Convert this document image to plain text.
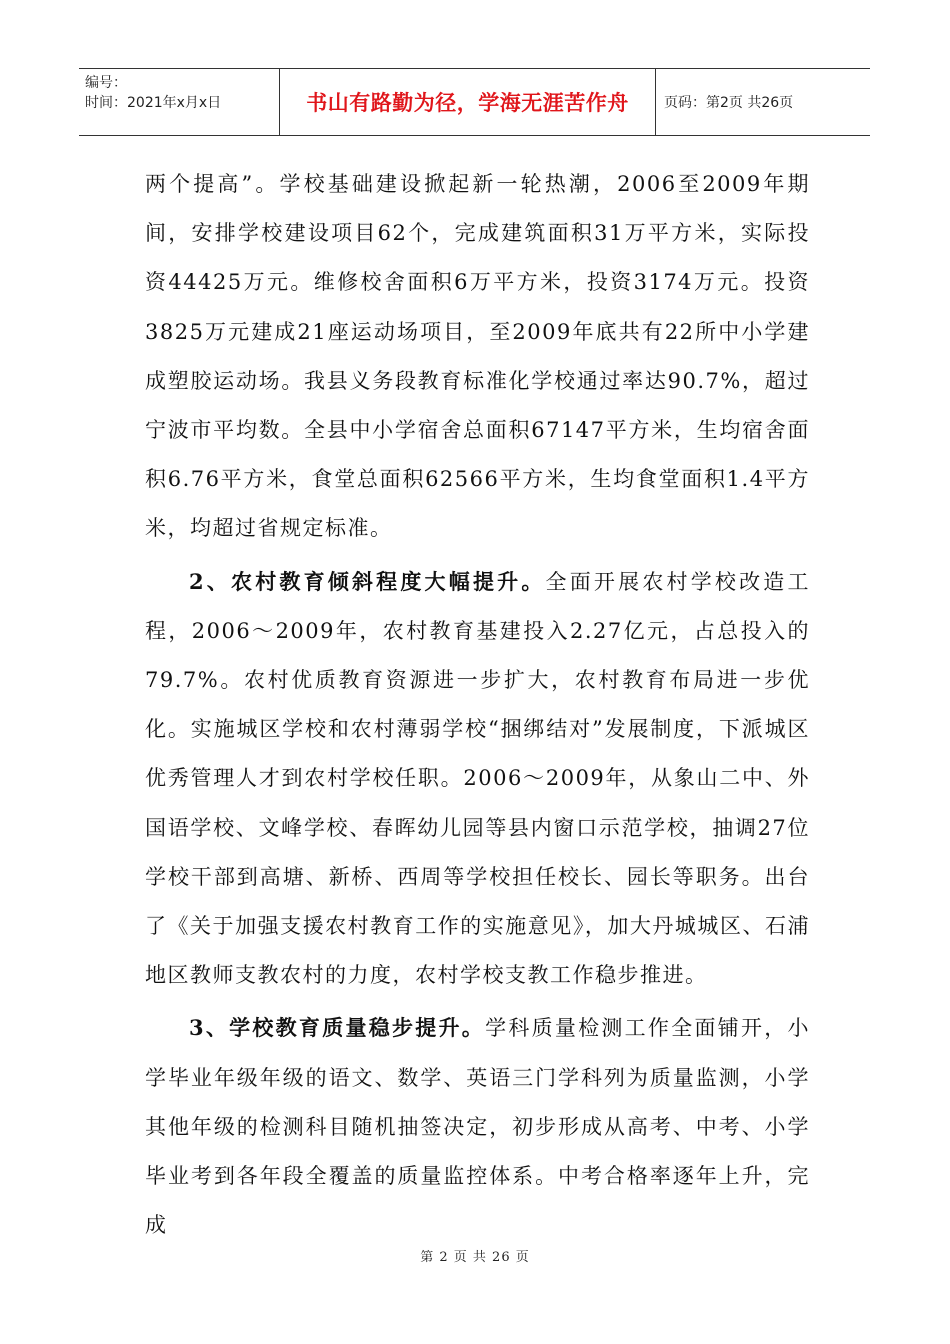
编号：
时间：2021年x月x日	书山有路勤为径，学海无涯苦作舟	页码：第2页 共26页

两个提高”。学校基础建设掀起新一轮热潮，2006至2009年期间，安排学校建设项目62个，完成建筑面积31万平方米，实际投资44425万元。维修校舍面积6万平方米，投资3174万元。投资3825万元建成21座运动场项目，至2009年底共有22所中小学建成塑胶运动场。我县义务段教育标准化学校通过率达90.7%，超过宁波市平均数。全县中小学宿舍总面积67147平方米，生均宿舍面积6.76平方米，食堂总面积62566平方米，生均食堂面积1.4平方米，均超过省规定标准。

2、农村教育倾斜程度大幅提升。全面开展农村学校改造工程，2006～2009年，农村教育基建投入2.27亿元，占总投入的79.7%。农村优质教育资源进一步扩大，农村教育布局进一步优化。实施城区学校和农村薄弱学校“捆绑结对”发展制度，下派城区优秀管理人才到农村学校任职。2006～2009年，从象山二中、外国语学校、文峰学校、春晖幼儿园等县内窗口示范学校，抽调27位学校干部到高塘、新桥、西周等学校担任校长、园长等职务。出台了《关于加强支援农村教育工作的实施意见》，加大丹城城区、石浦地区教师支教农村的力度，农村学校支教工作稳步推进。

3、学校教育质量稳步提升。学科质量检测工作全面铺开，小学毕业年级年级的语文、数学、英语三门学科列为质量监测，小学其他年级的检测科目随机抽签决定，初步形成从高考、中考、小学毕业考到各年段全覆盖的质量监控体系。中考合格率逐年上升，完成

第 2 页 共 26 页
